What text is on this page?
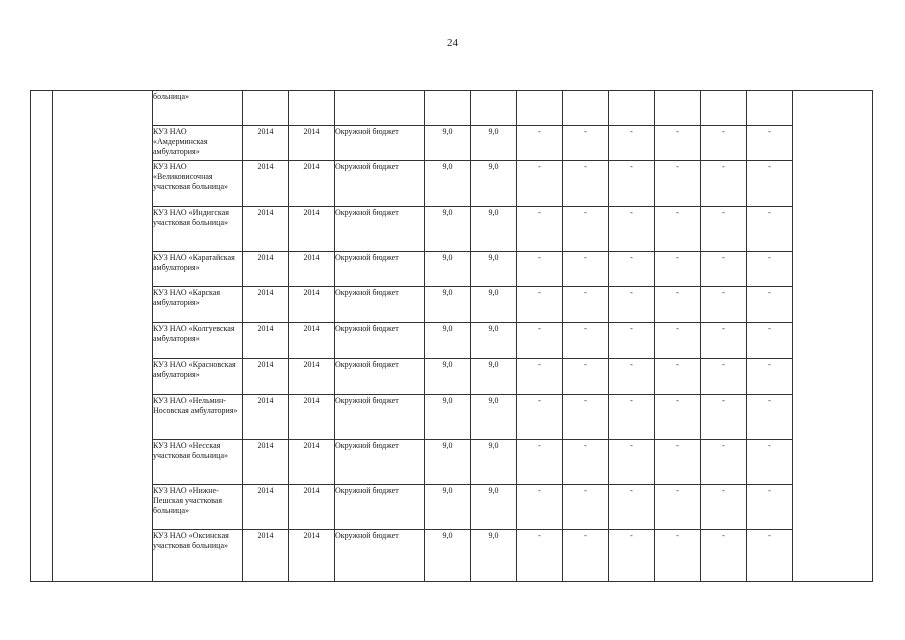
24

		больница»												

		КУЗ НАО «Амдерминская амбулатория»	2014	2014	Окружной бюджет	9,0	9,0	-	-	-	-	-	-	

		КУЗ НАО «Великовисочная участковая больница»	2014	2014	Окружной бюджет	9,0	9,0	-	-	-	-	-	-	

		КУЗ НАО «Индигская участковая больница»	2014	2014	Окружной бюджет	9,0	9,0	-	-	-	-	-	-	

		КУЗ НАО «Каратайская амбулатория»	2014	2014	Окружной бюджет	9,0	9,0	-	-	-	-	-	-	

		КУЗ НАО «Карская амбулатория»	2014	2014	Окружной бюджет	9,0	9,0	-	-	-	-	-	-	

		КУЗ НАО «Колгуевская амбулатория»	2014	2014	Окружной бюджет	9,0	9,0	-	-	-	-	-	-	

		КУЗ НАО «Красновская амбулатория»	2014	2014	Окружной бюджет	9,0	9,0	-	-	-	-	-	-	

		КУЗ НАО «Нельмин-Носовская амбулатория»	2014	2014	Окружной бюджет	9,0	9,0	-	-	-	-	-	-	

		КУЗ НАО «Несская участковая больница»	2014	2014	Окружной бюджет	9,0	9,0	-	-	-	-	-	-	

		КУЗ НАО «Нижне-Пешская участковая больница»	2014	2014	Окружной бюджет	9,0	9,0	-	-	-	-	-	-	

		КУЗ НАО «Оксинская участковая больница»	2014	2014	Окружной бюджет	9,0	9,0	-	-	-	-	-	-	
